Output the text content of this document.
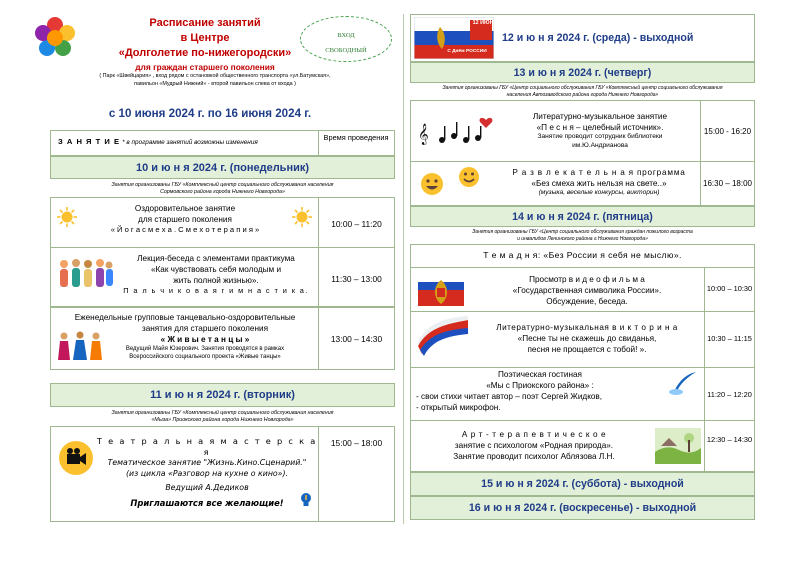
Расписание занятий
в Центре
«Долголетие по-нижегородски»
для граждан старшего поколения
( Парк «Швейцария» , вход рядом с остановкой общественного транспорта «ул.Батумская»,
павильон «Мудрый Нижний» - второй павильон слева от входа )
ВХОД
СВОБОДНЫЙ
с 10 июня 2024 г. по 16 июня 2024 г.
З А Н Я Т И Е * в программе занятий возможны изменения
Время проведения
10 и ю н я 2024 г. (понедельник)
Занятия организованы ГБУ «Комплексный центр социального обслуживания населения
Сормовского района города Нижнего Новгорода»
Оздоровительное занятие
для старшего поколения
« Й о г а с м е х а . С м е х о т е р а п и я »
10:00 – 11:20
Лекция-беседа с элементами практикума
«Как чувствовать себя молодым и
жить полной жизнью».
П а л ь ч и к о в а я г и м н а с т и к а.
11:30 – 13:00
Еженедельные групповые танцевально-оздоровительные
занятия для старшего поколения
« Ж и в ы е т а н ц ы »
Ведущий Майя Юзерович. Занятия проводятся в рамках
Всероссийского социального проекта «Живые танцы»
13:00 – 14:30
11 и ю н я 2024 г. (вторник)
Занятия организованы ГБУ «Комплексный центр социального обслуживания населения
«Мыза» Приокского района города Нижнего Новгорода»
Т е а т р а л ь н а я м а с т е р с к а я
Тематическое занятие "Жизнь.Кино.Сценарий."
(из цикла «Разговор на кухне о кино»).
Ведущий А.Дедиков
Приглашаются все желающие!
15:00 – 18:00
12 ИЮНЯ
С Днём РОССИИ
12 и ю н я 2024 г. (среда) - выходной
13 и ю н я 2024 г. (четверг)
Занятия организованы ГБУ «Центр социального обслуживания ГБУ «Комплексный центр социального обслуживания
населения Автозаводского района города Нижнего Новгорода»
𝄞
Литературно-музыкальное занятие
«П е с н я – целебный источник».
Занятие проводит сотрудник библиотеки
им.Ю.Андрианова
15:00 - 16:20
Р а з в л е к а т е л ь н а я программа
«Без смеха жить нельзя на свете..»
(музыка, веселые конкурсы, викторин)
16:30 – 18:00
14 и ю н я 2024 г. (пятница)
Занятия организованы ГБУ «Центр социального обслуживания граждан пожилого возраста
и инвалидов Ленинского района г.Нижнего Новгорода»
Т е м а д н я: «Без России я себя не мыслю».
Просмотр в и д е о ф и л ь м а
«Государственная символика России».
Обсуждение, беседа.
10:00 – 10:30
Литературно-музыкальная в и к т о р и н а
«Песне ты не скажешь до свиданья,
песня не прощается с тобой! ».
10:30 – 11:15
Поэтическая гостиная
«Мы с Приокского района» :
- свои стихи читает автор – поэт Сергей Жидков,
- открытый микрофон.
11:20 – 12:20
А р т - т е р а п е в т и ч е с к о е
занятие с психологом «Родная природа».
Занятие проводит психолог Аблязова Л.Н.
12:30 – 14:30
15 и ю н я 2024 г. (суббота) - выходной
16 и ю н я 2024 г. (воскресенье) - выходной
